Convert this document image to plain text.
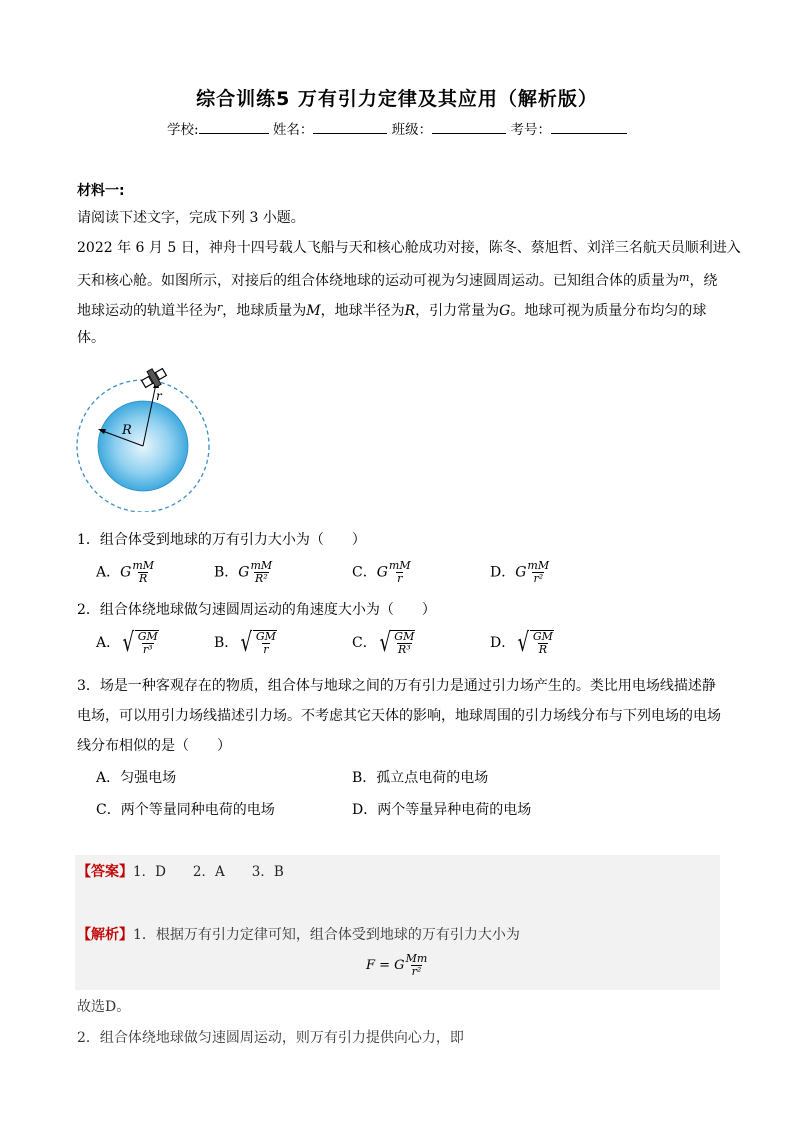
综合训练5 万有引力定律及其应用（解析版）
学校:	姓名：	班级：	考号：
材料一:
请阅读下述文字，完成下列 3 小题。
2022 年 6 月 5 日，神舟十四号载人飞船与天和核心舱成功对接，陈冬、蔡旭哲、刘洋三名航天员顺利进入
天和核心舱。如图所示，对接后的组合体绕地球的运动可视为匀速圆周运动。已知组合体的质量为$^m$，绕
地球运动的轨道半径为$^r$，地球质量为M，地球半径为R，引力常量为G。地球可视为质量分布均匀的球
体。
R
r
1．组合体受到地球的万有引力大小为（　　）
A．G $\frac{mM}{R}$	B．G $\frac{mM}{\text{R²}}$	C．G $\frac{mM}{r}$	D．G $\frac{mM}{\text{r²}}$
2．组合体绕地球做匀速圆周运动的角速度大小为（　　）
A． √ $\frac{GM}{\text{r³}}$	B． √ $\frac{GM}{r}$	C． √ $\frac{GM}{\text{R³}}$	D． √ $\frac{GM}{R}$
3．场是一种客观存在的物质，组合体与地球之间的万有引力是通过引力场产生的。类比用电场线描述静
电场，可以用引力场线描述引力场。不考虑其它天体的影响，地球周围的引力场线分布与下列电场的电场
线分布相似的是（　　）
A．匀强电场	B．孤立点电荷的电场
C．两个等量同种电荷的电场	D．两个等量异种电荷的电场
【答案】1．D　　2．A　　3．B
【解析】1．根据万有引力定律可知，组合体受到地球的万有引力大小为
F = G $\frac{Mm}{\text{r²}}$
故选D。
2．组合体绕地球做匀速圆周运动，则万有引力提供向心力，即
